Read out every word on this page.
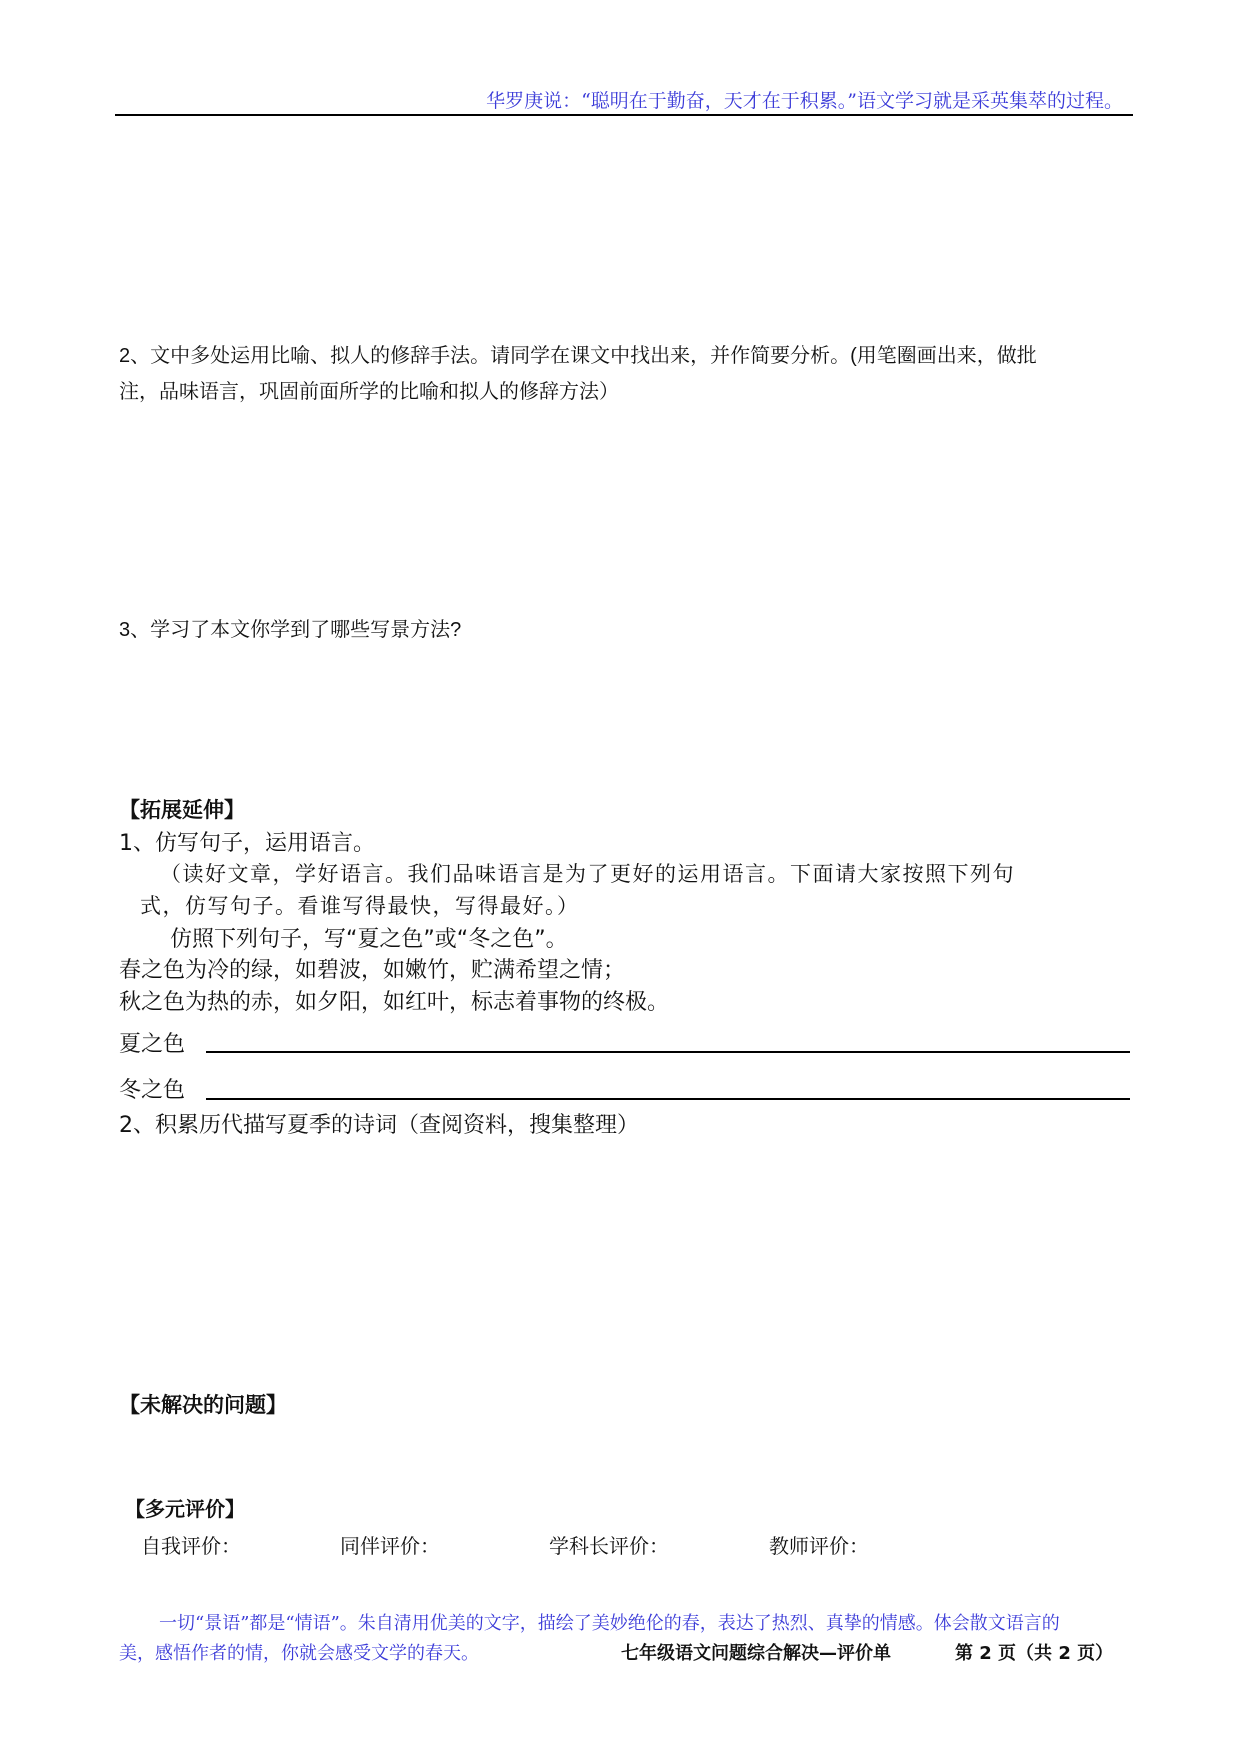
华罗庚说：“聪明在于勤奋，天才在于积累。”语文学习就是采英集萃的过程。
2、文中多处运用比喻、拟人的修辞手法。请同学在课文中找出来，并作简要分析。(用笔圈画出来，做批
注，品味语言，巩固前面所学的比喻和拟人的修辞方法）
3、学习了本文你学到了哪些写景方法?
【拓展延伸】
1、仿写句子，运用语言。
（读好文章，学好语言。我们品味语言是为了更好的运用语言。下面请大家按照下列句
式，仿写句子。看谁写得最快，写得最好。）
仿照下列句子，写“夏之色”或“冬之色”。
春之色为冷的绿，如碧波，如嫩竹，贮满希望之情；
秋之色为热的赤，如夕阳，如红叶，标志着事物的终极。
夏之色
冬之色
2、积累历代描写夏季的诗词（查阅资料，搜集整理）
【未解决的问题】
【多元评价】
自我评价：	同伴评价：	学科长评价：	教师评价：
一切“景语”都是“情语”。朱自清用优美的文字，描绘了美妙绝伦的春，表达了热烈、真挚的情感。体会散文语言的
美，感悟作者的情，你就会感受文学的春天。	七年级语文问题综合解决—评价单	第 2 页（共 2 页）
